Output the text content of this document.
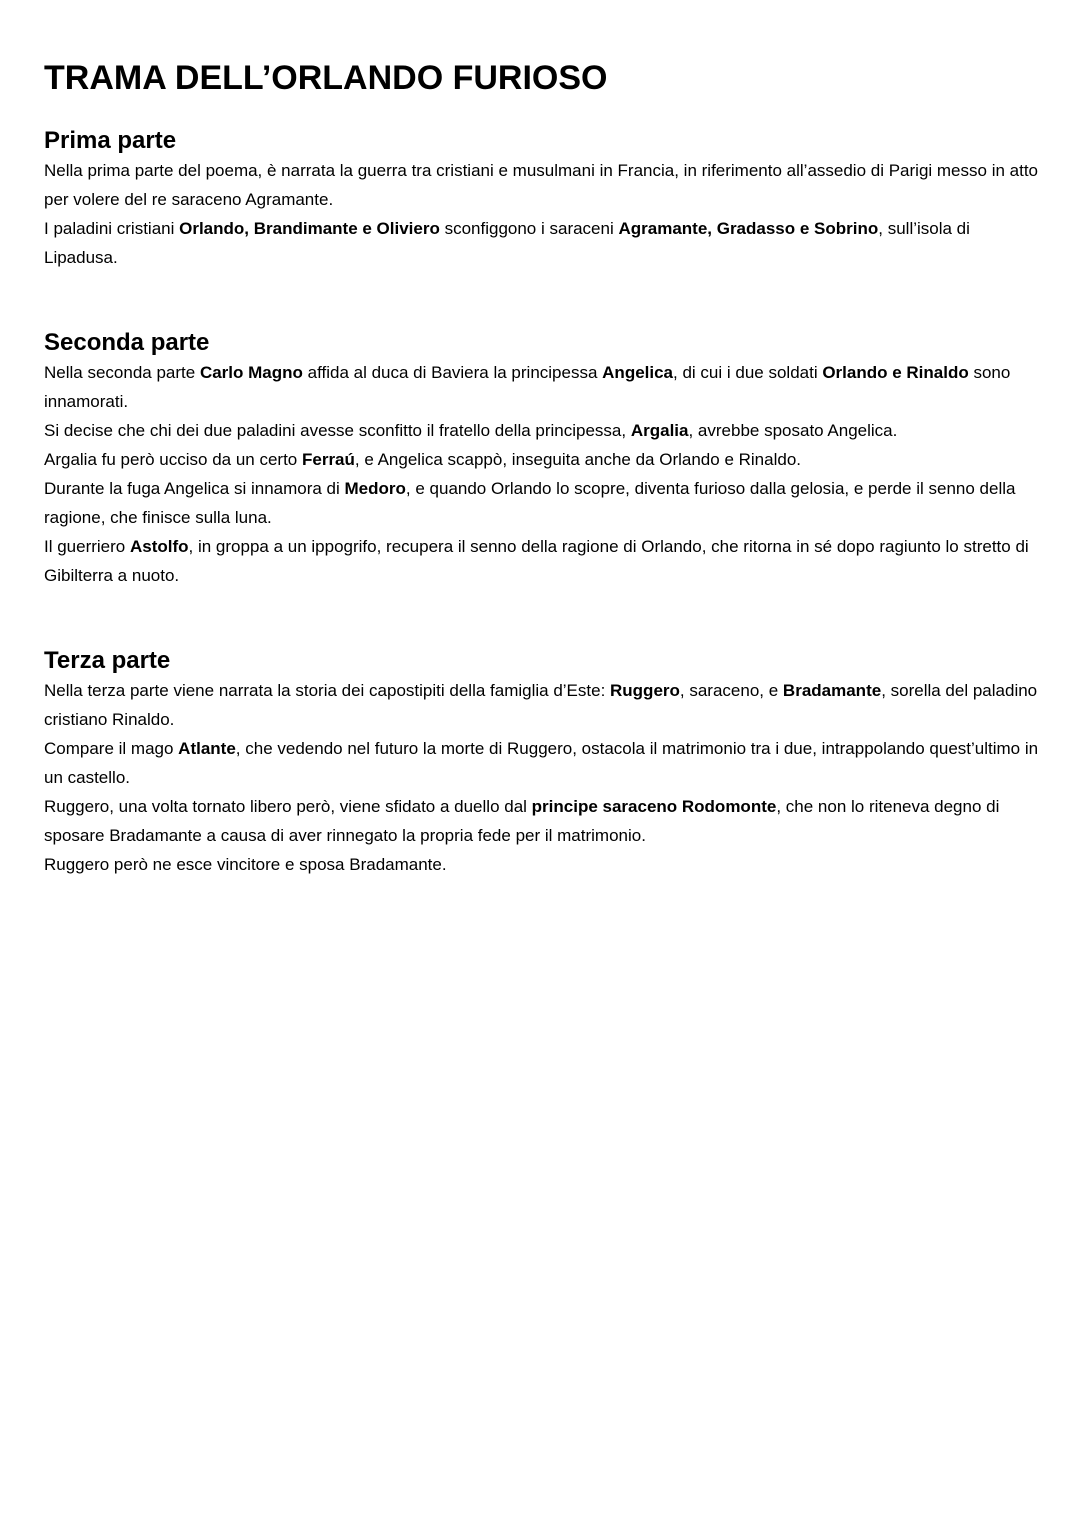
TRAMA DELL’ORLANDO FURIOSO
Prima parte

Nella prima parte del poema, è narrata la guerra tra cristiani e musulmani in Francia, in riferimento all’assedio di Parigi messo in atto per volere del re saraceno Agramante.

I paladini cristiani Orlando, Brandimante e Oliviero sconfiggono i saraceni Agramante, Gradasso e Sobrino, sull’isola di Lipadusa.

Seconda parte

Nella seconda parte Carlo Magno affida al duca di Baviera la principessa Angelica, di cui i due soldati Orlando e Rinaldo sono innamorati.

Si decise che chi dei due paladini avesse sconfitto il fratello della principessa, Argalia, avrebbe sposato Angelica.

Argalia fu però ucciso da un certo Ferraú, e Angelica scappò, inseguita anche da Orlando e Rinaldo.

Durante la fuga Angelica si innamora di Medoro, e quando Orlando lo scopre, diventa furioso dalla gelosia, e perde il senno della ragione, che finisce sulla luna.

Il guerriero Astolfo, in groppa a un ippogrifo, recupera il senno della ragione di Orlando, che ritorna in sé dopo ragiunto lo stretto di Gibilterra a nuoto.

Terza parte

Nella terza parte viene narrata la storia dei capostipiti della famiglia d’Este: Ruggero, saraceno, e Bradamante, sorella del paladino cristiano Rinaldo.

Compare il mago Atlante, che vedendo nel futuro la morte di Ruggero, ostacola il matrimonio tra i due, intrappolando quest’ultimo in un castello.

Ruggero, una volta tornato libero però, viene sfidato a duello dal principe saraceno Rodomonte, che non lo riteneva degno di sposare Bradamante a causa di aver rinnegato la propria fede per il matrimonio.

Ruggero però ne esce vincitore e sposa Bradamante.
